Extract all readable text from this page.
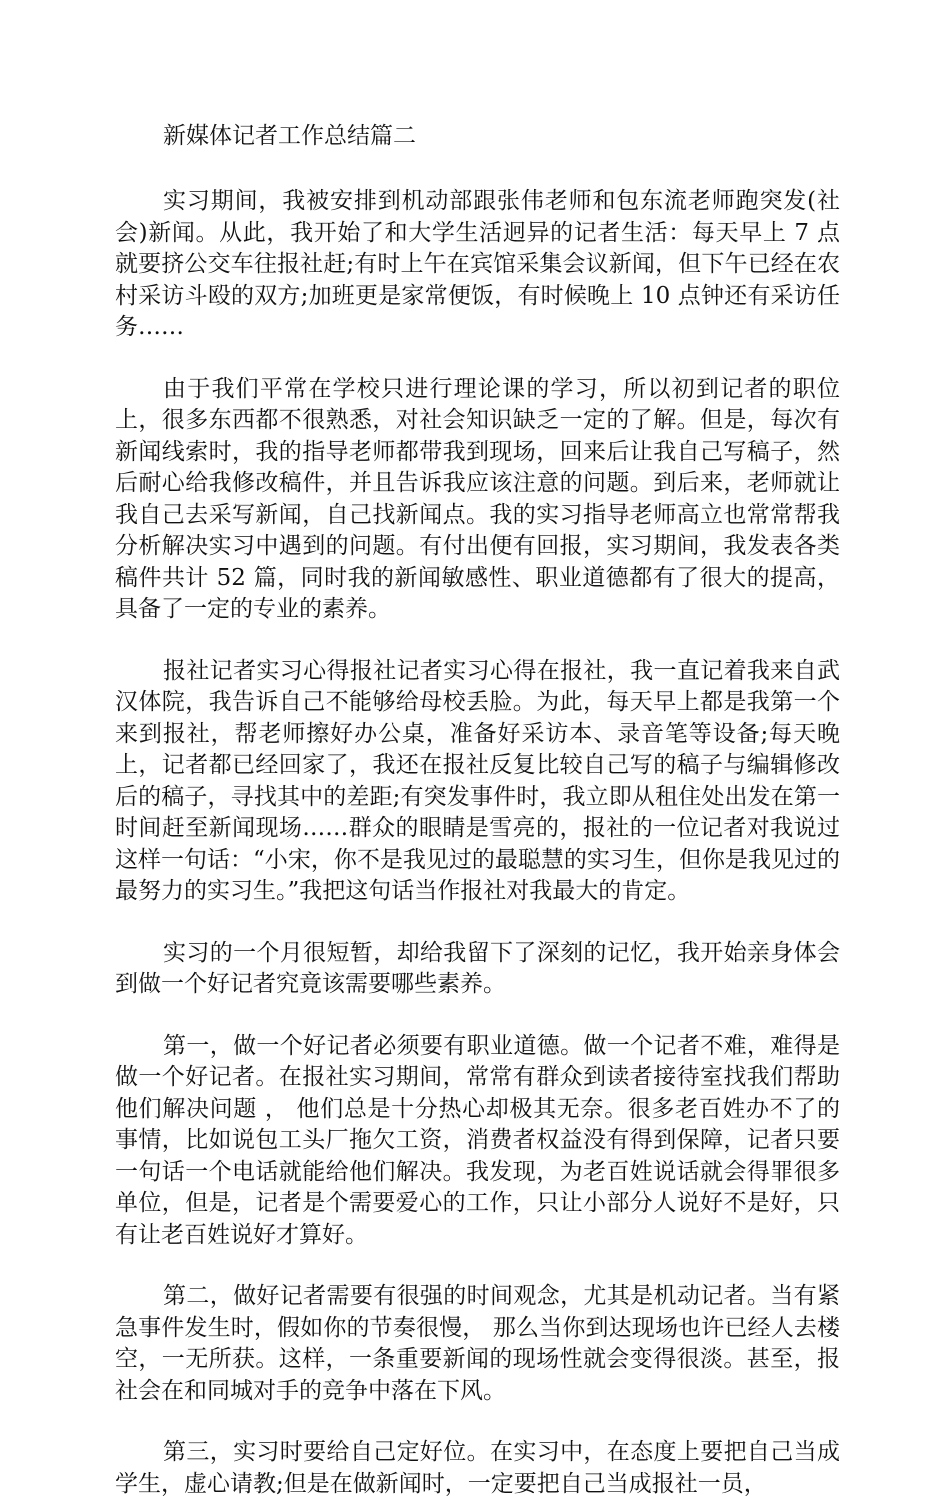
新媒体记者工作总结篇二

实习期间，我被安排到机动部跟张伟老师和包东流老师跑突发(社会)新闻。从此，我开始了和大学生活迥异的记者生活：每天早上 7 点就要挤公交车往报社赶;有时上午在宾馆采集会议新闻，但下午已经在农村采访斗殴的双方;加班更是家常便饭，有时候晚上 10 点钟还有采访任务……

由于我们平常在学校只进行理论课的学习，所以初到记者的职位上，很多东西都不很熟悉，对社会知识缺乏一定的了解。但是，每次有新闻线索时，我的指导老师都带我到现场，回来后让我自己写稿子，然后耐心给我修改稿件，并且告诉我应该注意的问题。到后来，老师就让我自己去采写新闻，自己找新闻点。我的实习指导老师高立也常常帮我分析解决实习中遇到的问题。有付出便有回报，实习期间，我发表各类稿件共计 52 篇，同时我的新闻敏感性、职业道德都有了很大的提高，具备了一定的专业的素养。

报社记者实习心得报社记者实习心得在报社，我一直记着我来自武汉体院，我告诉自己不能够给母校丢脸。为此，每天早上都是我第一个来到报社，帮老师擦好办公桌，准备好采访本、录音笔等设备;每天晚上，记者都已经回家了，我还在报社反复比较自己写的稿子与编辑修改后的稿子，寻找其中的差距;有突发事件时，我立即从租住处出发在第一时间赶至新闻现场……群众的眼睛是雪亮的，报社的一位记者对我说过这样一句话：“小宋，你不是我见过的最聪慧的实习生，但你是我见过的最努力的实习生。”我把这句话当作报社对我最大的肯定。

实习的一个月很短暂，却给我留下了深刻的记忆，我开始亲身体会到做一个好记者究竟该需要哪些素养。

第一，做一个好记者必须要有职业道德。做一个记者不难，难得是做一个好记者。在报社实习期间，常常有群众到读者接待室找我们帮助他们解决问题 ， 他们总是十分热心却极其无奈。很多老百姓办不了的事情，比如说包工头厂拖欠工资，消费者权益没有得到保障，记者只要一句话一个电话就能给他们解决。我发现，为老百姓说话就会得罪很多单位，但是，记者是个需要爱心的工作，只让小部分人说好不是好，只有让老百姓说好才算好。

第二，做好记者需要有很强的时间观念，尤其是机动记者。当有紧急事件发生时，假如你的节奏很慢， 那么当你到达现场也许已经人去楼空，一无所获。这样，一条重要新闻的现场性就会变得很淡。甚至，报社会在和同城对手的竞争中落在下风。

第三，实习时要给自己定好位。在实习中，在态度上要把自己当成学生，虚心请教;但是在做新闻时，一定要把自己当成报社一员，
